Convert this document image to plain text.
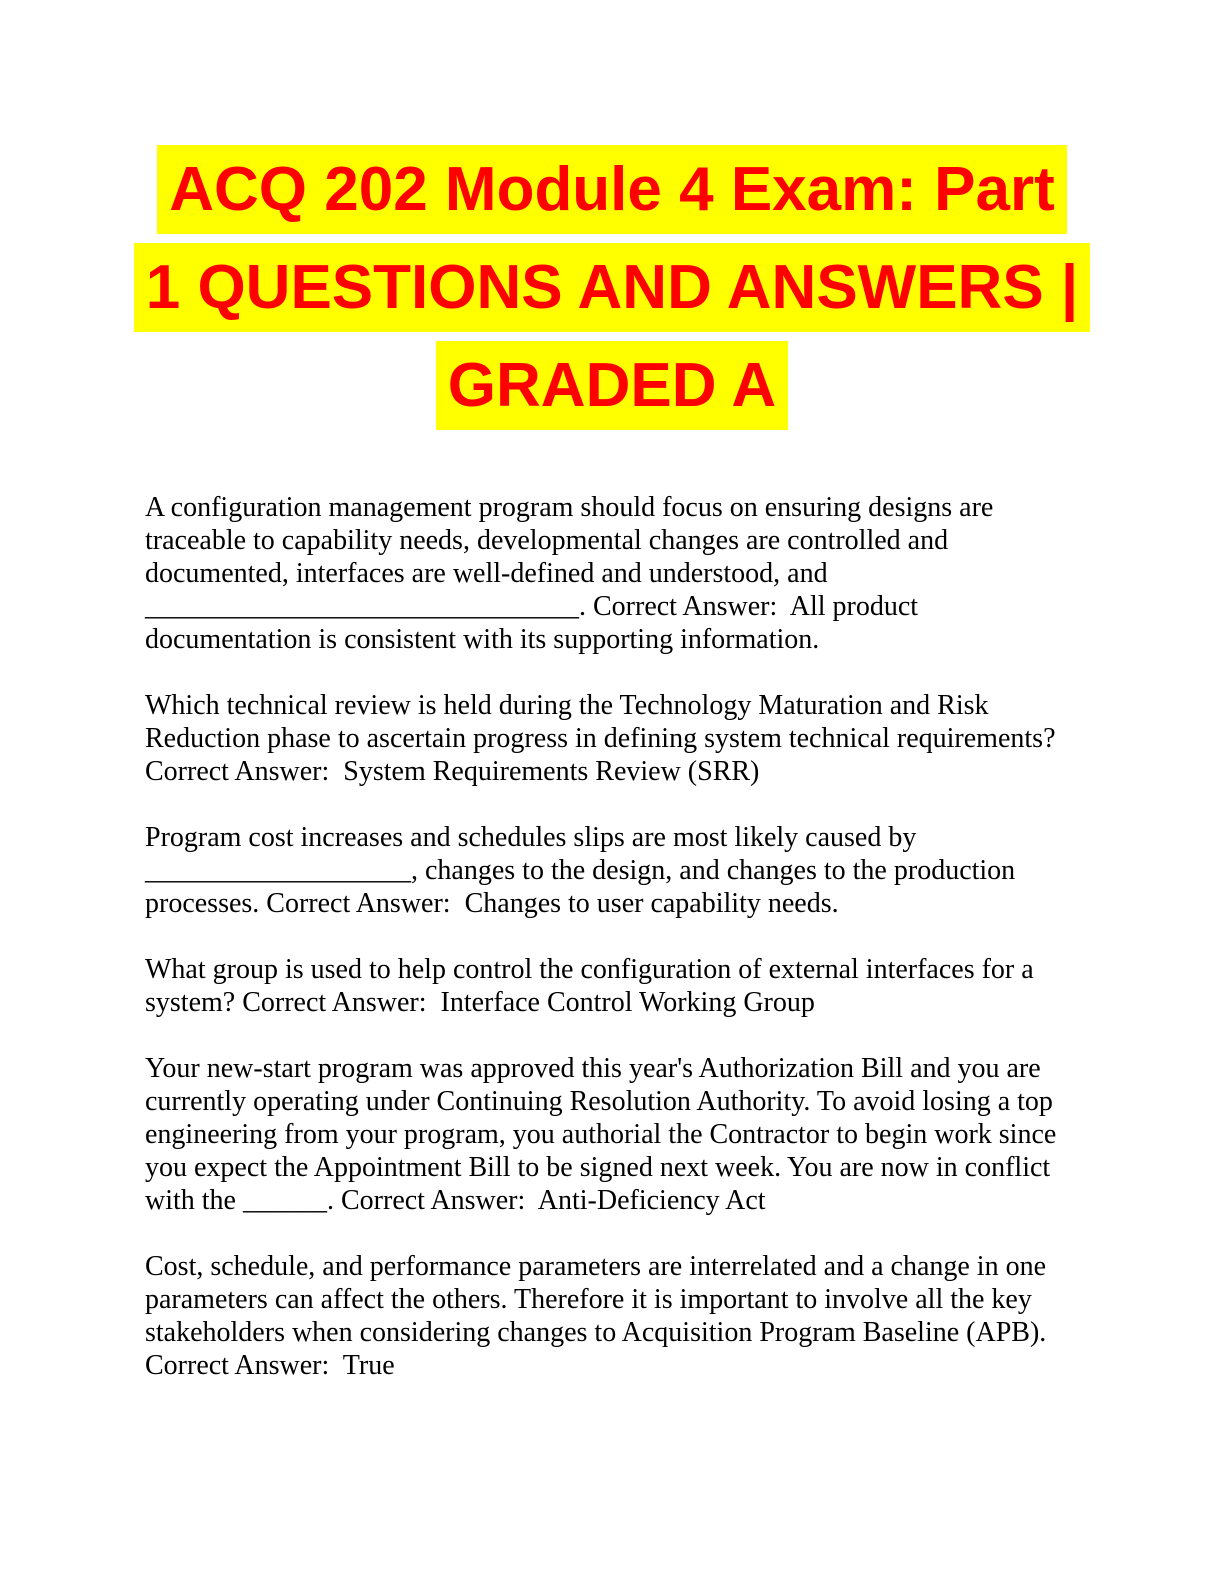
ACQ 202 Module 4 Exam: Part
1 QUESTIONS AND ANSWERS |
GRADED A

A configuration management program should focus on ensuring designs are traceable to capability needs, developmental changes are controlled and documented, interfaces are well-defined and understood, and _______________________________. Correct Answer:  All product documentation is consistent with its supporting information.

Which technical review is held during the Technology Maturation and Risk Reduction phase to ascertain progress in defining system technical requirements? Correct Answer:  System Requirements Review (SRR)

Program cost increases and schedules slips are most likely caused by ___________________, changes to the design, and changes to the production processes. Correct Answer:  Changes to user capability needs.

What group is used to help control the configuration of external interfaces for a system? Correct Answer:  Interface Control Working Group

Your new-start program was approved this year's Authorization Bill and you are currently operating under Continuing Resolution Authority. To avoid losing a top engineering from your program, you authorial the Contractor to begin work since you expect the Appointment Bill to be signed next week. You are now in conflict with the ______. Correct Answer:  Anti-Deficiency Act

Cost, schedule, and performance parameters are interrelated and a change in one parameters can affect the others. Therefore it is important to involve all the key stakeholders when considering changes to Acquisition Program Baseline (APB). Correct Answer:  True
